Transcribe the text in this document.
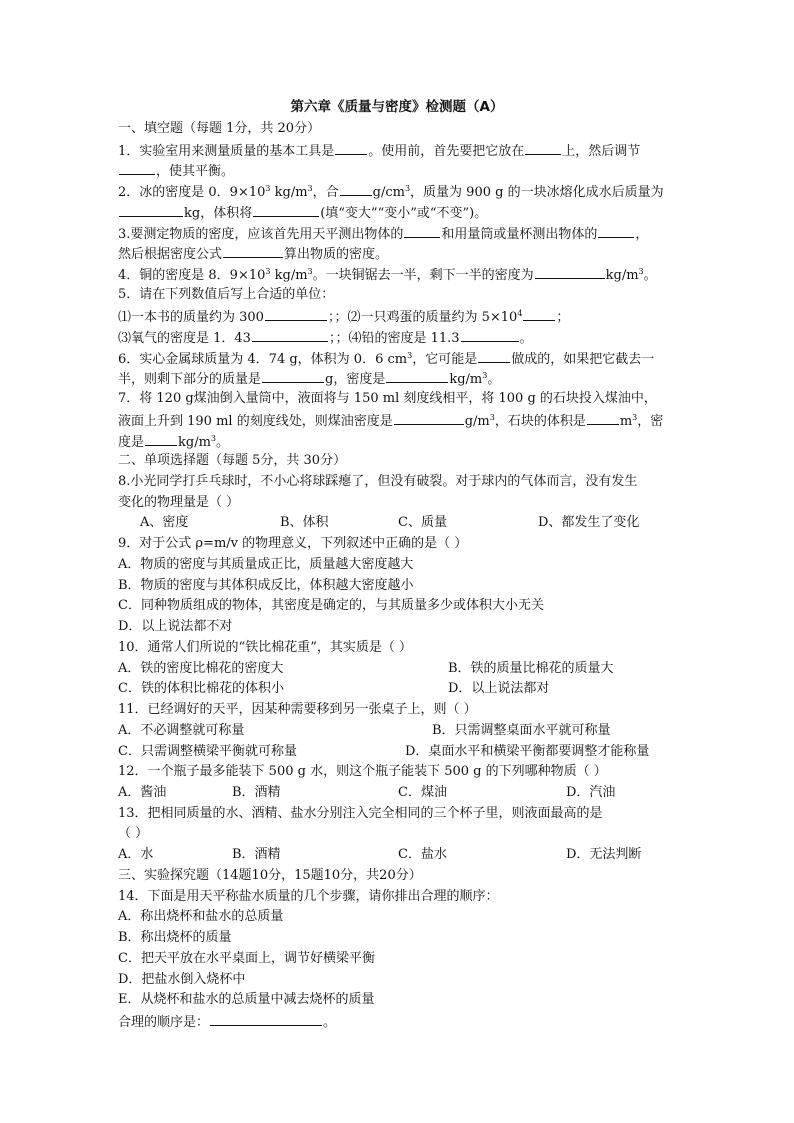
第六章《质量与密度》检测题（A）
一、填空题（每题 1分，共 20分）
1．实验室用来测量质量的基本工具是	。使用前，首先要把它放在	上，然后调节
，使其平衡。
2．冰的密度是 0．$9\times 10^3$ $kg/m^3$，合	$g/cm^3$，质量为 900 g 的一块冰熔化成水后质量为
kg，体积将	(填“变大”“变小”或“不变”)。
3.要测定物质的密度，应该首先用天平测出物体的	和用量筒或量杯测出物体的	，
然后根据密度公式	算出物质的密度。
4．铜的密度是 8．$9\times 10^3$ $kg/m^3$。一块铜锯去一半，剩下一半的密度为	$kg/m^3$。
5．请在下列数值后写上合适的单位：
⑴一本书的质量约为 300	；；⑵一只鸡蛋的质量约为 $5\times 10^4$	；
⑶氧气的密度是 1．43	；；⑷铅的密度是 11.3	。
6．实心金属球质量为 4．74 g，体积为 0．6 $cm^3$，它可能是	做成的，如果把它截去一
半，则剩下部分的质量是	g，密度是	$kg/m^3$。
7．将 120 g煤油倒入量筒中，液面将与 150 ml 刻度线相平，将 100 g 的石块投入煤油中，
液面上升到 190 ml 的刻度线处，则煤油密度是	$g/m^3$，石块的体积是	$m^3$，密
度是	$kg/m^3$。
二、单项选择题（每题 5分，共 30分）
8.小光同学打乒乓球时，不小心将球踩瘪了，但没有破裂。对于球内的气体而言，没有发生
变化的物理量是（ ）
A、密度	B、体积	C、质量	D、都发生了变化
9．对于公式 ρ=m/v 的物理意义，下列叙述中正确的是（ ）
A．物质的密度与其质量成正比，质量越大密度越大
B．物质的密度与其体积成反比，体积越大密度越小
C．同种物质组成的物体，其密度是确定的，与其质量多少或体积大小无关
D．以上说法都不对
10．通常人们所说的“铁比棉花重”，其实质是（ ）
A．铁的密度比棉花的密度大	B．铁的质量比棉花的质量大
C．铁的体积比棉花的体积小	D．以上说法都对
11．已经调好的天平，因某种需要移到另一张桌子上，则（ ）
A．不必调整就可称量	B．只需调整桌面水平就可称量
C．只需调整横梁平衡就可称量	D．桌面水平和横梁平衡都要调整才能称量
12．一个瓶子最多能装下 500 g 水，则这个瓶子能装下 500 g 的下列哪种物质（ ）
A．酱油	B．酒精	C．煤油	D．汽油
13．把相同质量的水、酒精、盐水分别注入完全相同的三个杯子里，则液面最高的是
（ ）
A．水	B．酒精	C．盐水	D．无法判断
三、实验探究题（14题10分，15题10分，共20分）
14．下面是用天平称盐水质量的几个步骤，请你排出合理的顺序：
A．称出烧杯和盐水的总质量
B．称出烧杯的质量
C．把天平放在水平桌面上，调节好横梁平衡
D．把盐水倒入烧杯中
E．从烧杯和盐水的总质量中减去烧杯的质量
合理的顺序是：	。
